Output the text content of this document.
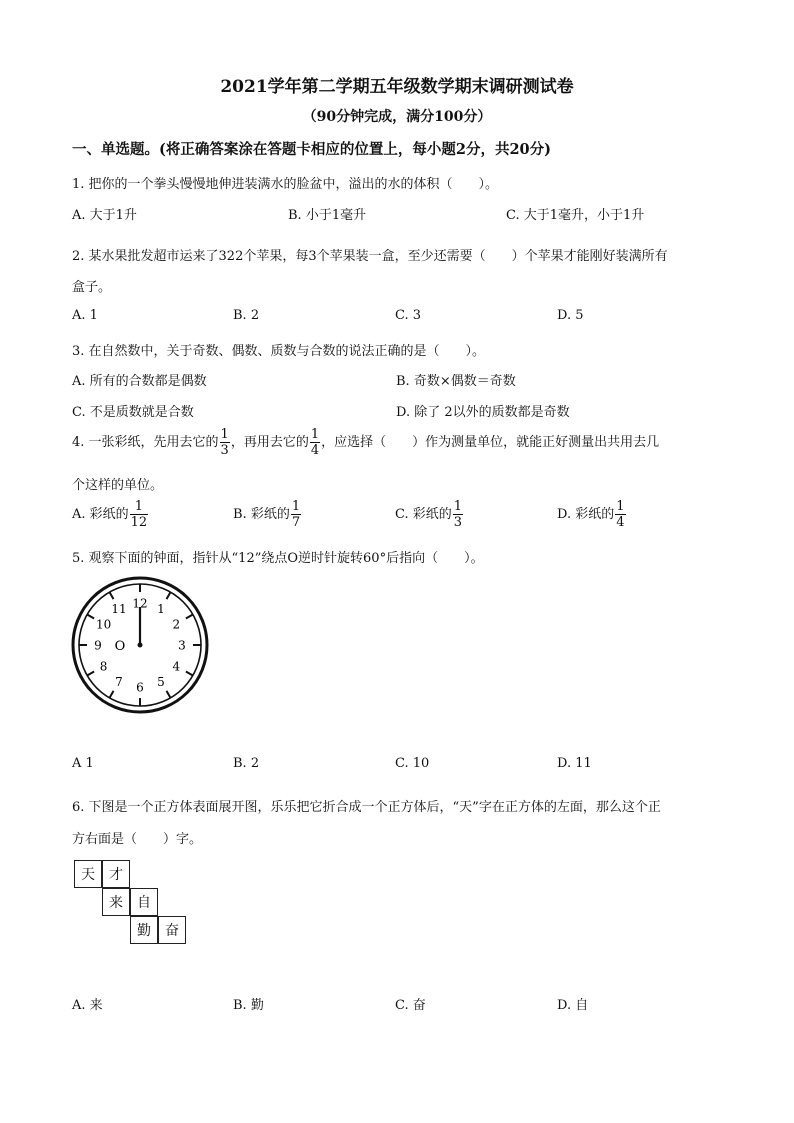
2021学年第二学期五年级数学期末调研测试卷
（90分钟完成，满分100分）
一、单选题。(将正确答案涂在答题卡相应的位置上，每小题2分，共20分)
1. 把你的一个拳头慢慢地伸进装满水的脸盆中，溢出的水的体积（　　）。
A. 大于1升	B. 小于1毫升	C. 大于1毫升，小于1升
2. 某水果批发超市运来了322个苹果，每3个苹果装一盒，至少还需要（　　）个苹果才能刚好装满所有
盒子。
A. 1	B. 2	C. 3	D. 5
3. 在自然数中，关于奇数、偶数、质数与合数的说法正确的是（　　）。
A. 所有的合数都是偶数	B. 奇数×偶数＝奇数
C. 不是质数就是合数	D. 除了 2以外的质数都是奇数
4. 一张彩纸，先用去它的 $\frac{1}{3}$ ，再用去它的 $\frac{1}{4}$ ，应选择（　　）作为测量单位，就能正好测量出共用去几
个这样的单位。
A. 彩纸的 $\frac{1}{12}$	B. 彩纸的 $\frac{1}{7}$	C. 彩纸的 $\frac{1}{3}$	D. 彩纸的 $\frac{1}{4}$
5. 观察下面的钟面，指针从“12”绕点O逆时针旋转60°后指向（　　）。
12 1
2
3
4
5
6
7
8
9
10
11
O
A 1	B. 2	C. 10	D. 11
6. 下图是一个正方体表面展开图，乐乐把它折合成一个正方体后，“天”字在正方体的左面，那么这个正
方右面是（　　）字。
天	才
来	自
勤	奋
A. 来	B. 勤	C. 奋	D. 自
